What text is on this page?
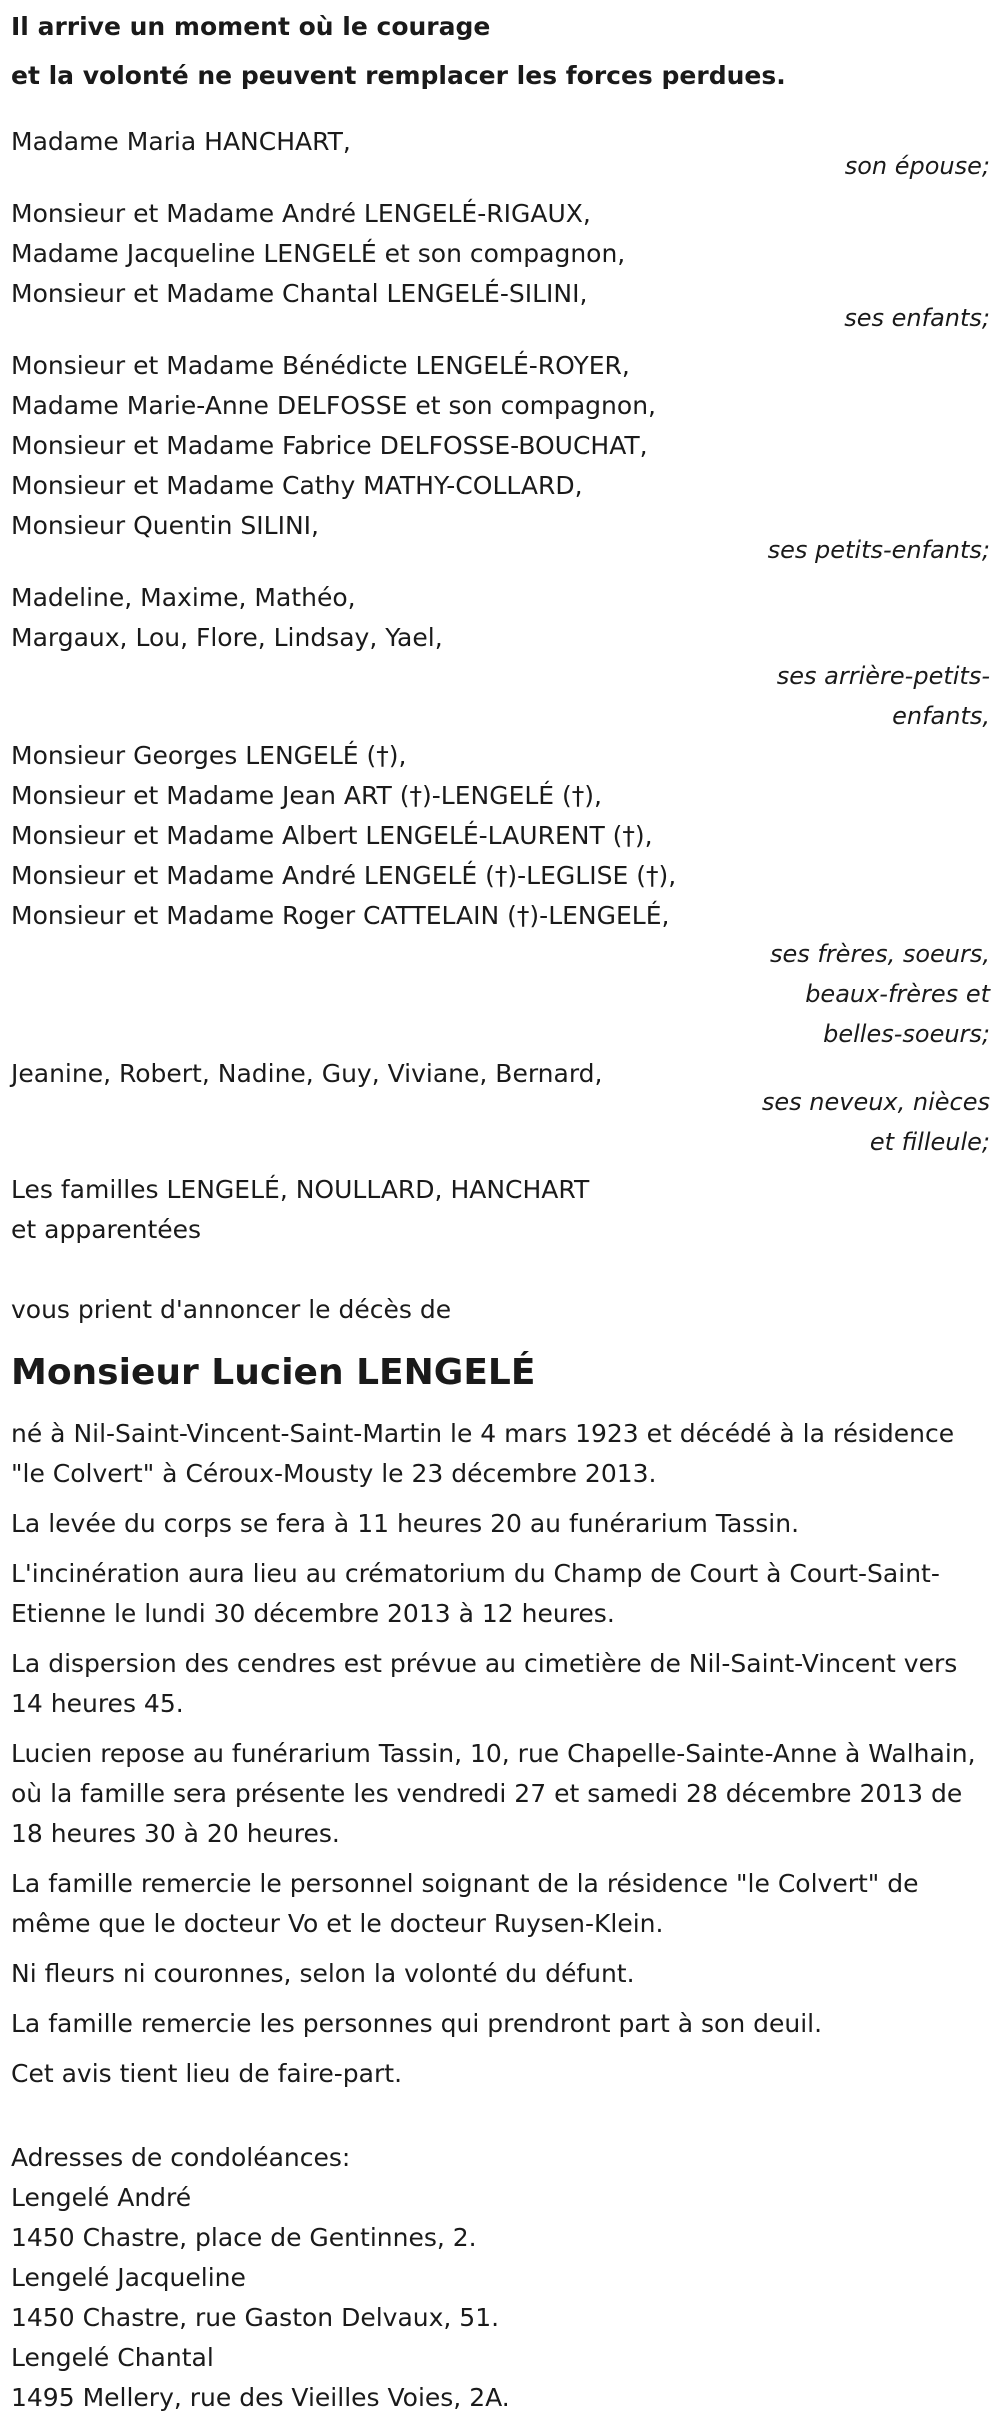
Il arrive un moment où le courage
et la volonté ne peuvent remplacer les forces perdues.

Madame Maria HANCHART,
son épouse;
Monsieur et Madame André LENGELÉ-RIGAUX,
Madame Jacqueline LENGELÉ et son compagnon,
Monsieur et Madame Chantal LENGELÉ-SILINI,
ses enfants;
Monsieur et Madame Bénédicte LENGELÉ-ROYER,
Madame Marie-Anne DELFOSSE et son compagnon,
Monsieur et Madame Fabrice DELFOSSE-BOUCHAT,
Monsieur et Madame Cathy MATHY-COLLARD,
Monsieur Quentin SILINI,
ses petits-enfants;
Madeline, Maxime, Mathéo,
Margaux, Lou, Flore, Lindsay, Yael,
ses arrière-petits-
enfants,
Monsieur Georges LENGELÉ (†),
Monsieur et Madame Jean ART (†)-LENGELÉ (†),
Monsieur et Madame Albert LENGELÉ-LAURENT (†),
Monsieur et Madame André LENGELÉ (†)-LEGLISE (†),
Monsieur et Madame Roger CATTELAIN (†)-LENGELÉ,
ses frères, soeurs,
beaux-frères et
belles-soeurs;
Jeanine, Robert, Nadine, Guy, Viviane, Bernard,
ses neveux, nièces
et filleule;
Les familles LENGELÉ, NOULLARD, HANCHART
et apparentées
vous prient d'annoncer le décès de
Monsieur Lucien LENGELÉ

né à Nil-Saint-Vincent-Saint-Martin le 4 mars 1923 et décédé à la résidence "le Colvert" à Céroux-Mousty le 23 décembre 2013.

La levée du corps se fera à 11 heures 20 au funérarium Tassin.

L'incinération aura lieu au crématorium du Champ de Court à Court-Saint-Etienne le lundi 30 décembre 2013 à 12 heures.

La dispersion des cendres est prévue au cimetière de Nil-Saint-Vincent vers 14 heures 45.

Lucien repose au funérarium Tassin, 10, rue Chapelle-Sainte-Anne à Walhain, où la famille sera présente les vendredi 27 et samedi 28 décembre 2013 de 18 heures 30 à 20 heures.

La famille remercie le personnel soignant de la résidence "le Colvert" de même que le docteur Vo et le docteur Ruysen-Klein.

Ni fleurs ni couronnes, selon la volonté du défunt.

La famille remercie les personnes qui prendront part à son deuil.

Cet avis tient lieu de faire-part.

Adresses de condoléances:
Lengelé André
1450 Chastre, place de Gentinnes, 2.
Lengelé Jacqueline
1450 Chastre, rue Gaston Delvaux, 51.
Lengelé Chantal
1495 Mellery, rue des Vieilles Voies, 2A.
